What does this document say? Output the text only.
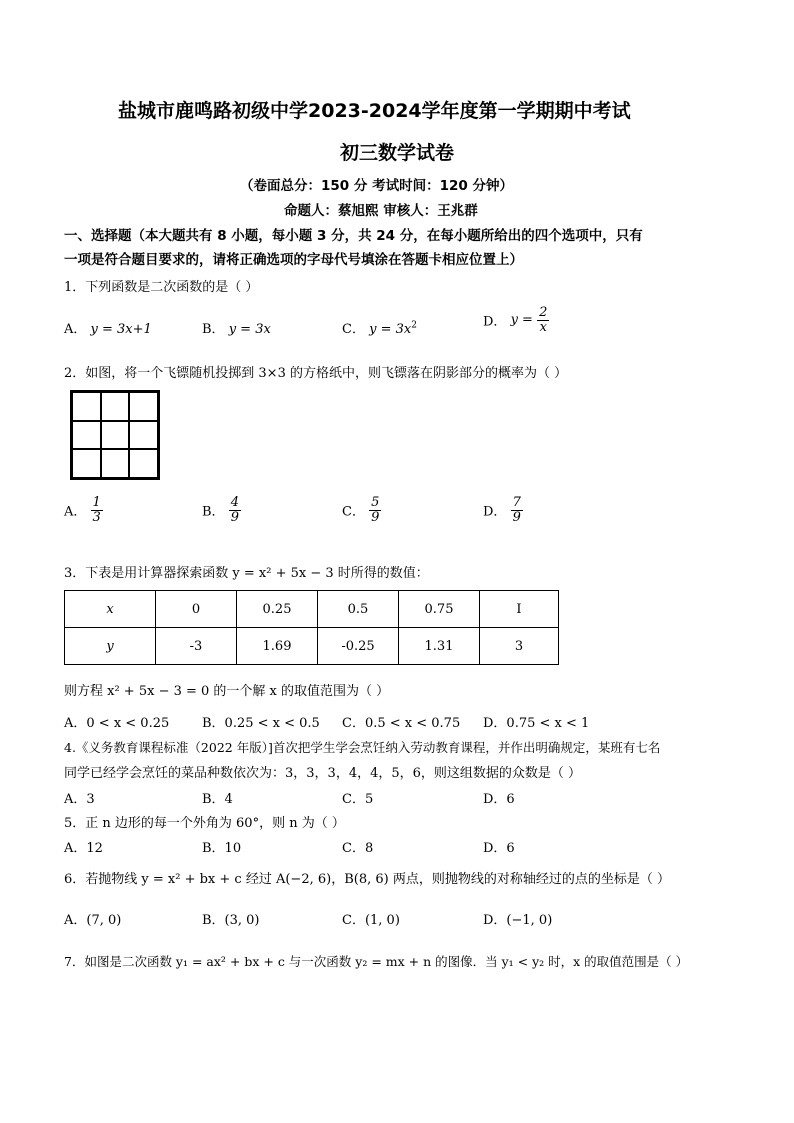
盐城市鹿鸣路初级中学2023-2024学年度第一学期期中考试
初三数学试卷
（卷面总分：150 分 考试时间：120 分钟）
命题人：蔡旭熙 审核人：王兆群
一、选择题（本大题共有 8 小题，每小题 3 分，共 24 分，在每小题所给出的四个选项中，只有
一项是符合题目要求的，请将正确选项的字母代号填涂在答题卡相应位置上）
1．下列函数是二次函数的是（ ）
A． y = 3x+1	B． y = 3x	C． $y = 3x^2$	D． $y = \frac{2}{x}$
2．如图，将一个飞镖随机投掷到 3×3 的方格纸中，则飞镖落在阴影部分的概率为（ ）
A． $\frac{1}{3}$	B． $\frac{4}{9}$	C． $\frac{5}{9}$	D． $\frac{7}{9}$
3．下表是用计算器探索函数 y = x² + 5x − 3 时所得的数值：
x	0	0.25	0.5	0.75	I
y	-3	1.69	-0.25	1.31	3
则方程 x² + 5x − 3 = 0 的一个解 x 的取值范围为（ ）
A．0 < x < 0.25	B．0.25 < x < 0.5 C．0.5 < x < 0.75 D．0.75 < x < 1
4.《义务教育课程标准（2022 年版）]首次把学生学会烹饪纳入劳动教育课程，并作出明确规定，某班有七名
同学已经学会烹饪的菜品种数依次为：3，3，3，4，4，5，6，则这组数据的众数是（ ）
A．3	B．4	C．5	D．6
5．正 n 边形的每一个外角为 60°，则 n 为（ ）
A．12	B．10	C．8	D．6
6．若抛物线 y = x² + bx + c 经过 A(−2, 6)，B(8, 6) 两点，则抛物线的对称轴经过的点的坐标是（ ）
A．(7, 0)	B．(3, 0)	C．(1, 0)	D．(−1, 0)
7．如图是二次函数 y₁ = ax² + bx + c 与一次函数 y₂ = mx + n 的图像．当 y₁ < y₂ 时，x 的取值范围是（ ）
